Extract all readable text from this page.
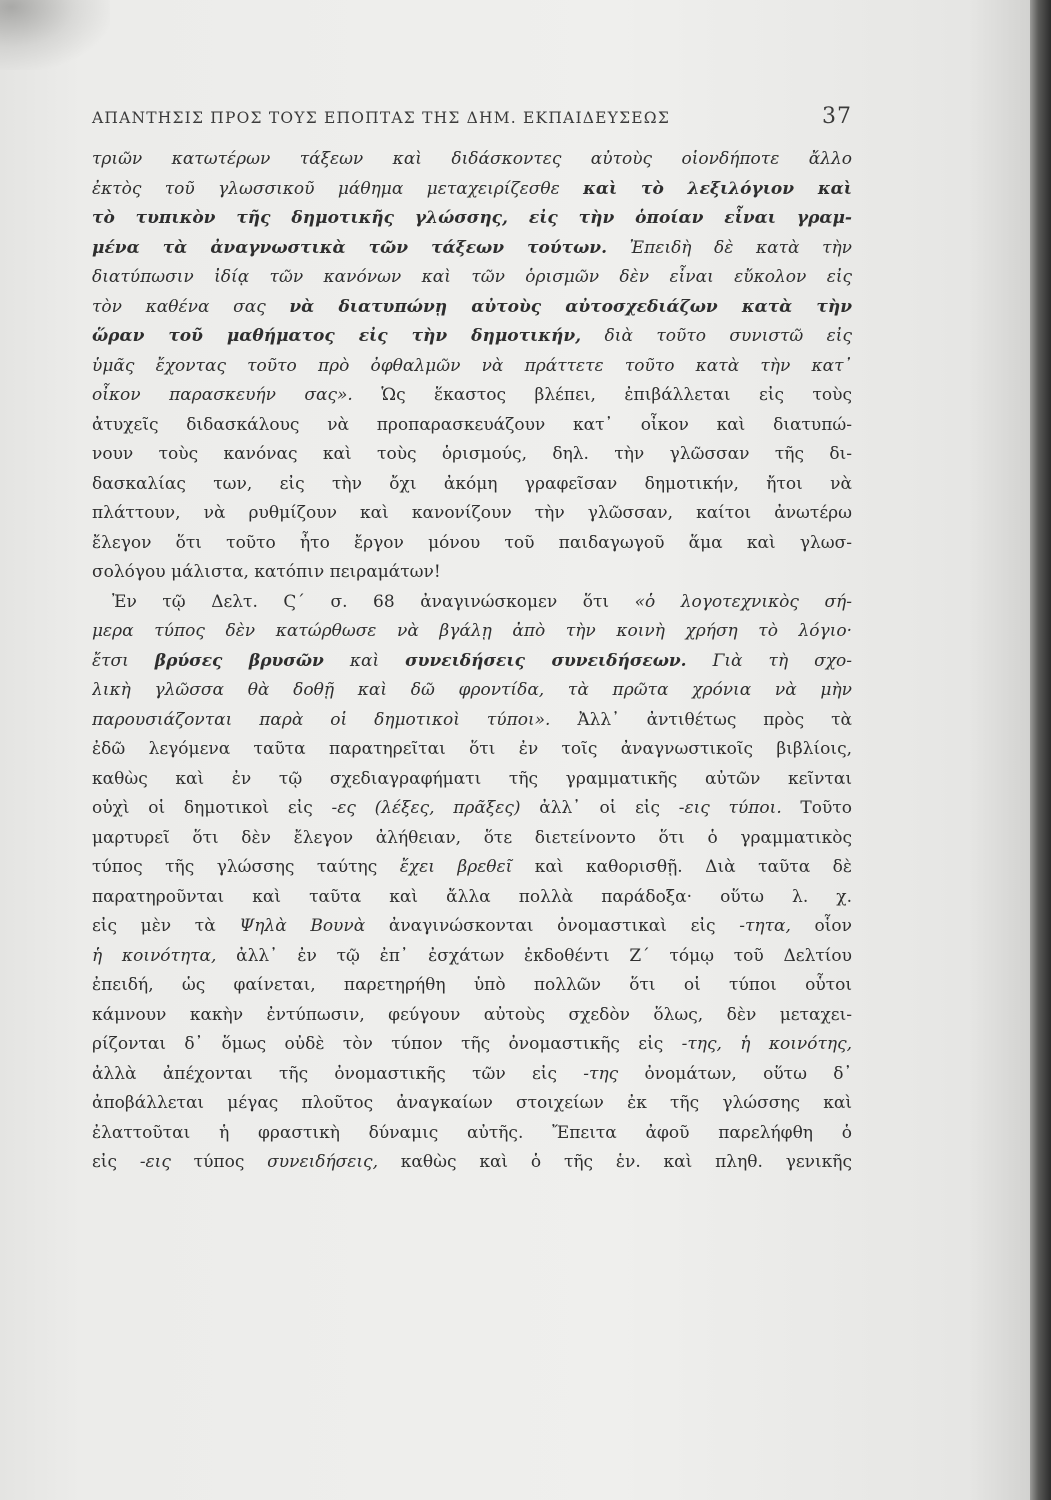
ΑΠΑΝΤΗΣΙΣ ΠΡΟΣ ΤΟΥΣ ΕΠΟΠΤΑΣ ΤΗΣ ΔΗΜ. ΕΚΠΑΙΔΕΥΣΕΩΣ	37
τριῶν κατωτέρων τάξεων καὶ διδάσκοντες αὐτοὺς οἱονδήποτε ἄλλο
ἐκτὸς τοῦ γλωσσικοῦ μάθημα μεταχειρίζεσθε καὶ τὸ λεξιλόγιον καὶ
τὸ τυπικὸν τῆς δημοτικῆς γλώσσης, εἰς τὴν ὁποίαν εἶναι γραμ-
μένα τὰ ἀναγνωστικὰ τῶν τάξεων τούτων. Ἐπειδὴ δὲ κατὰ τὴν
διατύπωσιν ἰδίᾳ τῶν κανόνων καὶ τῶν ὁρισμῶν δὲν εἶναι εὔκολον εἰς
τὸν καθένα σας νὰ διατυπώνῃ αὐτοὺς αὐτοσχεδιάζων κατὰ τὴν
ὥραν τοῦ μαθήματος εἰς τὴν δημοτικήν, διὰ τοῦτο συνιστῶ εἰς
ὑμᾶς ἔχοντας τοῦτο πρὸ ὀφθαλμῶν νὰ πράττετε τοῦτο κατὰ τὴν κατ᾽
οἶκον παρασκευήν σας». Ὡς ἕκαστος βλέπει, ἐπιβάλλεται εἰς τοὺς
ἀτυχεῖς διδασκάλους νὰ προπαρασκευάζουν κατ᾽ οἶκον καὶ διατυπώ-
νουν τοὺς κανόνας καὶ τοὺς ὁρισμούς, δηλ. τὴν γλῶσσαν τῆς δι-
δασκαλίας των, εἰς τὴν ὄχι ἀκόμη γραφεῖσαν δημοτικήν, ἤτοι νὰ
πλάττουν, νὰ ρυθμίζουν καὶ κανονίζουν τὴν γλῶσσαν, καίτοι ἀνωτέρω
ἔλεγον ὅτι τοῦτο ἦτο ἔργον μόνου τοῦ παιδαγωγοῦ ἅμα καὶ γλωσ-
σολόγου μάλιστα, κατόπιν πειραμάτων!
Ἐν τῷ Δελτ. Ϛ´ σ. 68 ἀναγινώσκομεν ὅτι «ὁ λογοτεχνικὸς σή-
μερα τύπος δὲν κατώρθωσε νὰ βγάλῃ ἀπὸ τὴν κοινὴ χρήση τὸ λόγιο·
ἔτσι βρύσες βρυσῶν καὶ συνειδήσεις συνειδήσεων. Γιὰ τὴ σχο-
λικὴ γλῶσσα θὰ δοθῇ καὶ δῶ φροντίδα, τὰ πρῶτα χρόνια νὰ μὴν
παρουσιάζονται παρὰ οἱ δημοτικοὶ τύποι». Ἀλλ᾽ ἀντιθέτως πρὸς τὰ
ἐδῶ λεγόμενα ταῦτα παρατηρεῖται ὅτι ἐν τοῖς ἀναγνωστικοῖς βιβλίοις,
καθὼς καὶ ἐν τῷ σχεδιαγραφήματι τῆς γραμματικῆς αὐτῶν κεῖνται
οὐχὶ οἱ δημοτικοὶ εἰς -ες (λέξες, πρᾶξες) ἀλλ᾽ οἱ εἰς -εις τύποι. Τοῦτο
μαρτυρεῖ ὅτι δὲν ἔλεγον ἀλήθειαν, ὅτε διετείνοντο ὅτι ὁ γραμματικὸς
τύπος τῆς γλώσσης ταύτης ἔχει βρεθεῖ καὶ καθορισθῇ. Διὰ ταῦτα δὲ
παρατηροῦνται καὶ ταῦτα καὶ ἄλλα πολλὰ παράδοξα· οὕτω λ. χ.
εἰς μὲν τὰ Ψηλὰ Βουνὰ ἀναγινώσκονται ὀνομαστικαὶ εἰς -τητα, οἷον
ἡ κοινότητα, ἀλλ᾽ ἐν τῷ ἐπ᾽ ἐσχάτων ἐκδοθέντι Ζ´ τόμῳ τοῦ Δελτίου
ἐπειδή, ὡς φαίνεται, παρετηρήθη ὑπὸ πολλῶν ὅτι οἱ τύποι οὗτοι
κάμνουν κακὴν ἐντύπωσιν, φεύγουν αὐτοὺς σχεδὸν ὅλως, δὲν μεταχει-
ρίζονται δ᾽ ὅμως οὐδὲ τὸν τύπον τῆς ὀνομαστικῆς εἰς -της, ἡ κοινότης,
ἀλλὰ ἀπέχονται τῆς ὀνομαστικῆς τῶν εἰς -της ὀνομάτων, οὕτω δ᾽
ἀποβάλλεται μέγας πλοῦτος ἀναγκαίων στοιχείων ἐκ τῆς γλώσσης καὶ
ἐλαττοῦται ἡ φραστικὴ δύναμις αὐτῆς. Ἔπειτα ἀφοῦ παρελήφθη ὁ
εἰς -εις τύπος συνειδήσεις, καθὼς καὶ ὁ τῆς ἑν. καὶ πληθ. γενικῆς
